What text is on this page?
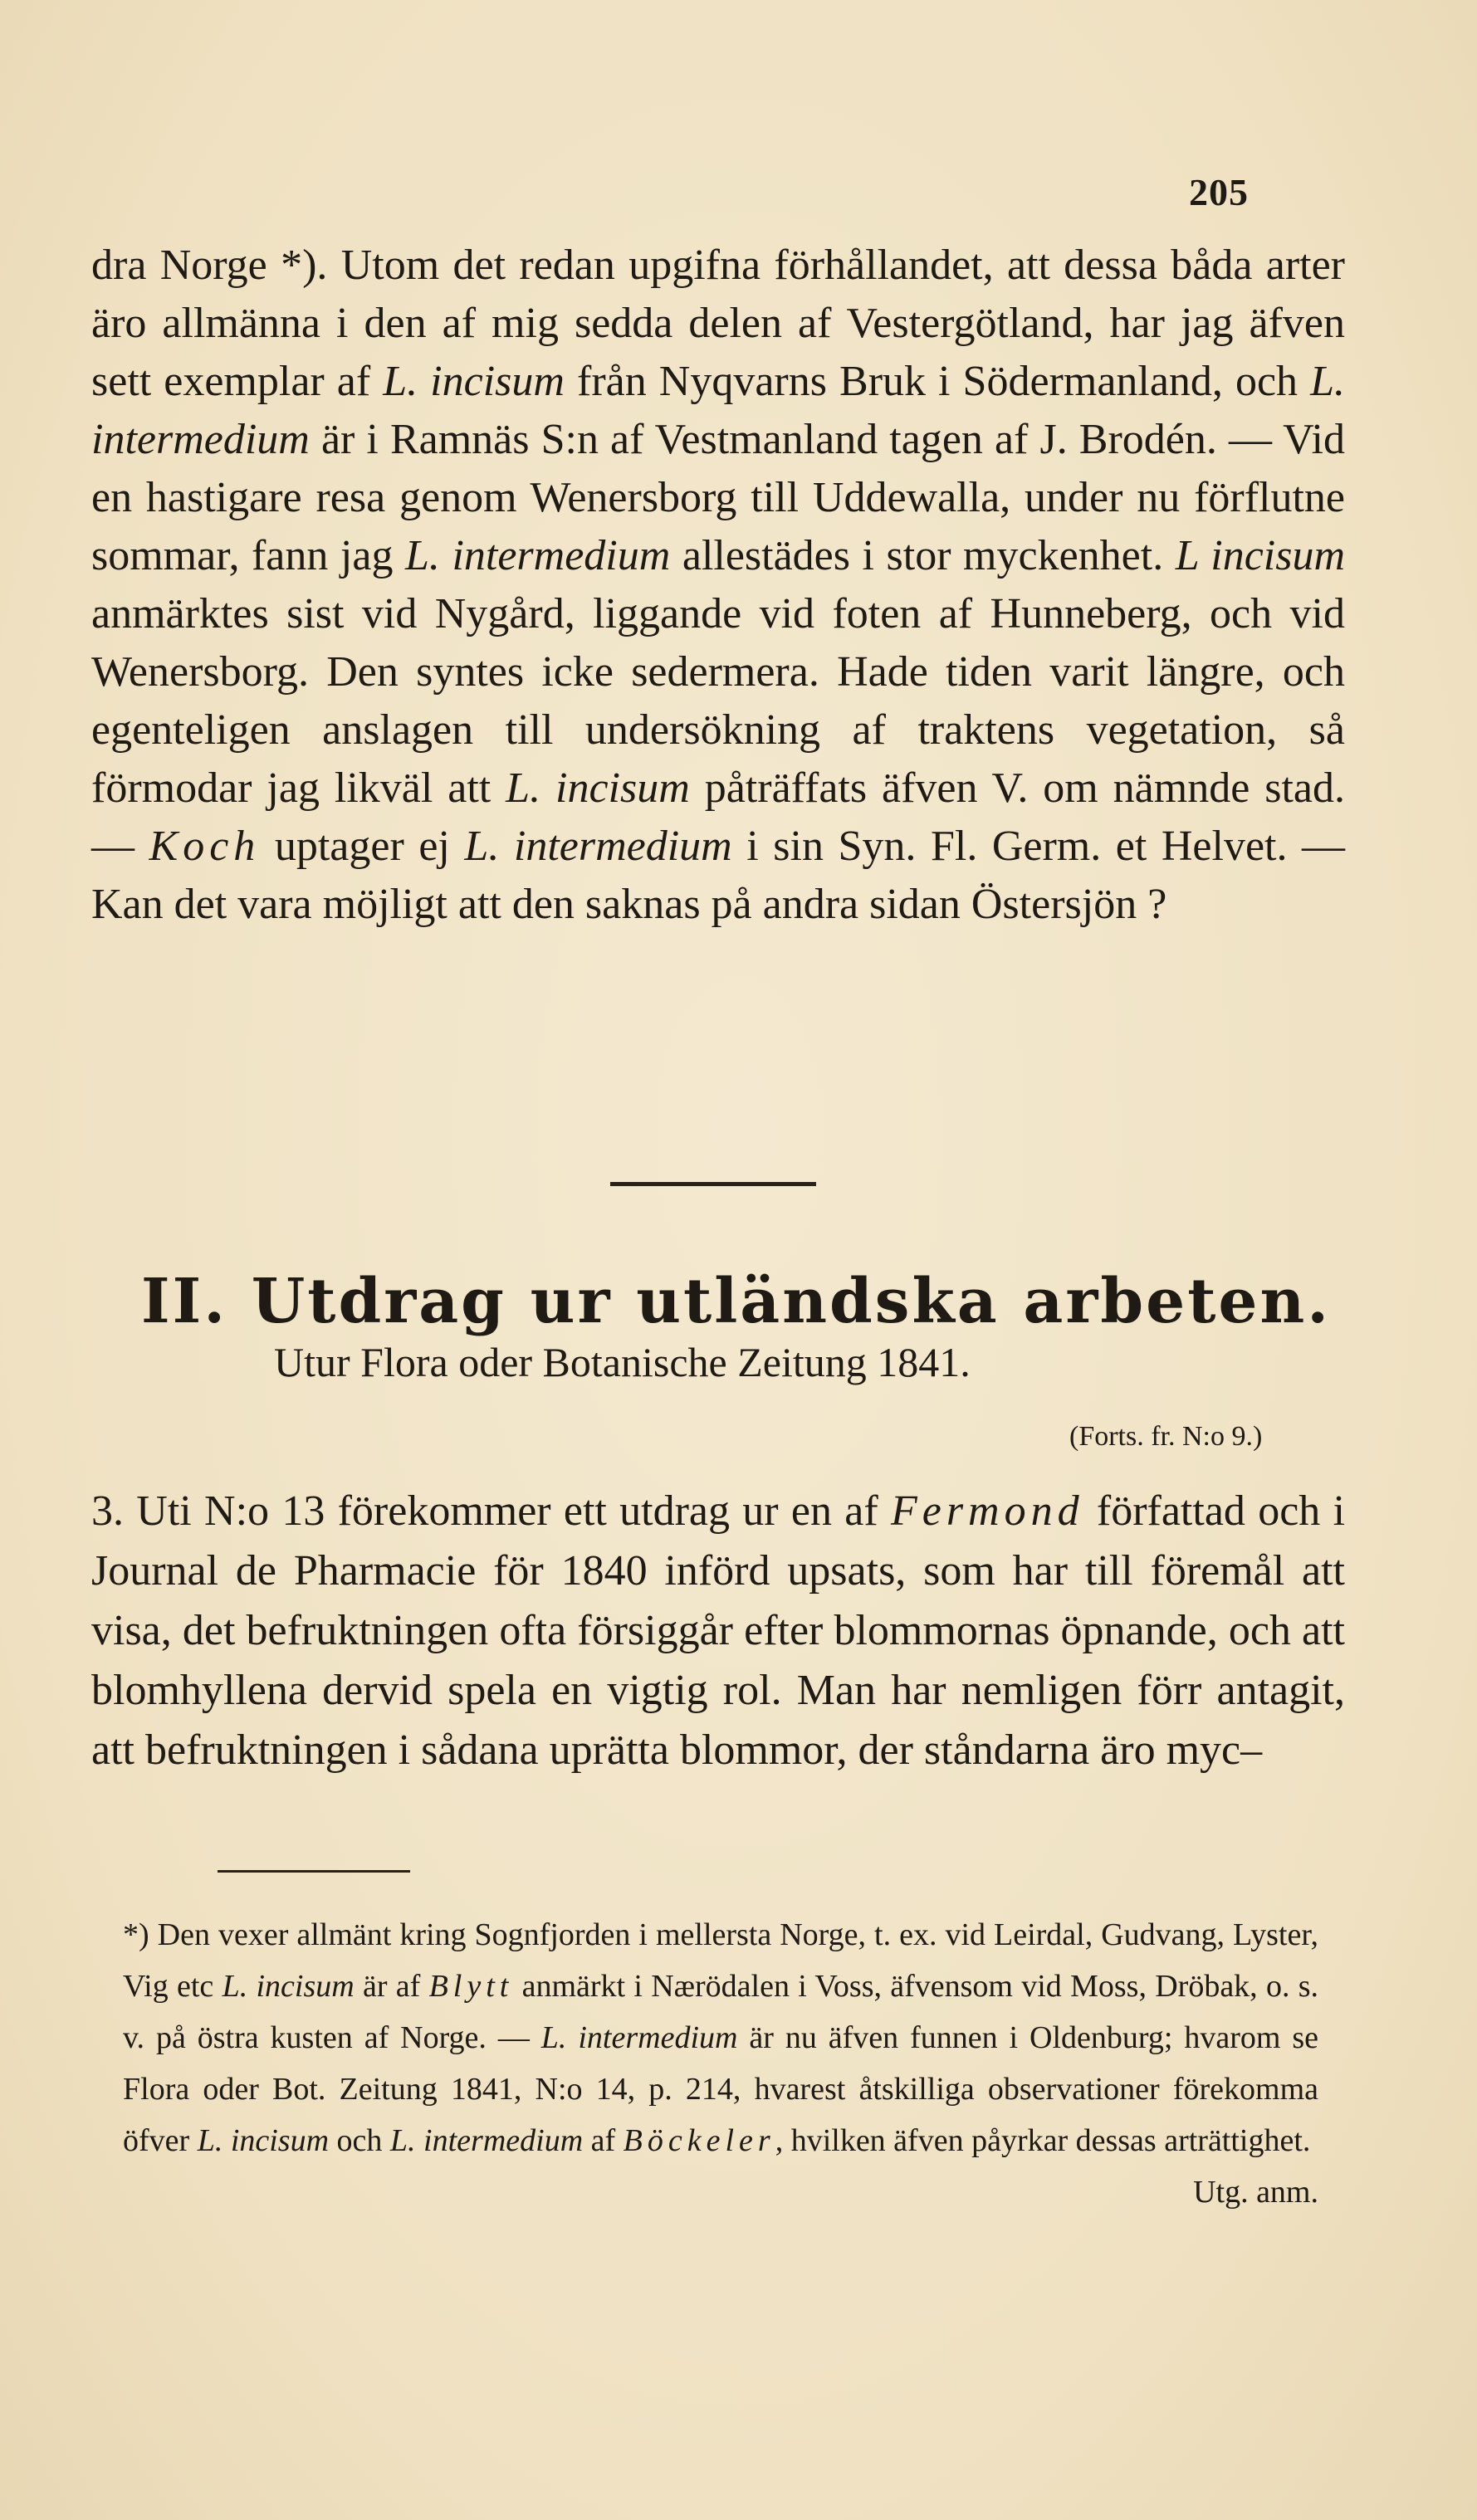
205

dra Norge *). Utom det redan upgifna förhållandet, att dessa båda arter äro allmänna i den af mig sedda delen af Vestergötland, har jag äfven sett exemplar af L. incisum från Nyqvarns Bruk i Södermanland, och L. intermedium är i Ramnäs S:n af Vestmanland tagen af J. Brodén. — Vid en hastigare resa genom Wenersborg till Uddewalla, under nu förflutne sommar, fann jag L. intermedium allestädes i stor myckenhet. L incisum anmärktes sist vid Nygård, liggande vid foten af Hunneberg, och vid Wenersborg. Den syntes icke sedermera. Hade tiden varit längre, och egenteligen anslagen till undersökning af traktens vegetation, så förmodar jag likväl att L. incisum påträffats äfven V. om nämnde stad. — Koch uptager ej L. intermedium i sin Syn. Fl. Germ. et Helvet. — Kan det vara möjligt att den saknas på andra sidan Östersjön ?

II. Utdrag ur utländska arbeten.
Utur Flora oder Botanische Zeitung 1841.
(Forts. fr. N:o 9.)

3. Uti N:o 13 förekommer ett utdrag ur en af Fermond författad och i Journal de Pharmacie för 1840 införd upsats, som har till föremål att visa, det befruktningen ofta försiggår efter blommornas öpnande, och att blomhyllena dervid spela en vigtig rol. Man har nemligen förr antagit, att befruktningen i sådana uprätta blommor, der ståndarna äro myc–

*) Den vexer allmänt kring Sognfjorden i mellersta Norge, t. ex. vid Leirdal, Gudvang, Lyster, Vig etc L. incisum är af Blytt anmärkt i Nærödalen i Voss, äfvensom vid Moss, Dröbak, o. s. v. på östra kusten af Norge. — L. intermedium är nu äfven funnen i Oldenburg; hvarom se Flora oder Bot. Zeitung 1841, N:o 14, p. 214, hvarest åtskilliga observationer förekomma öfver L. incisum och L. intermedium af Böckeler, hvilken äfven påyrkar dessas arträttighet.
Utg. anm.
